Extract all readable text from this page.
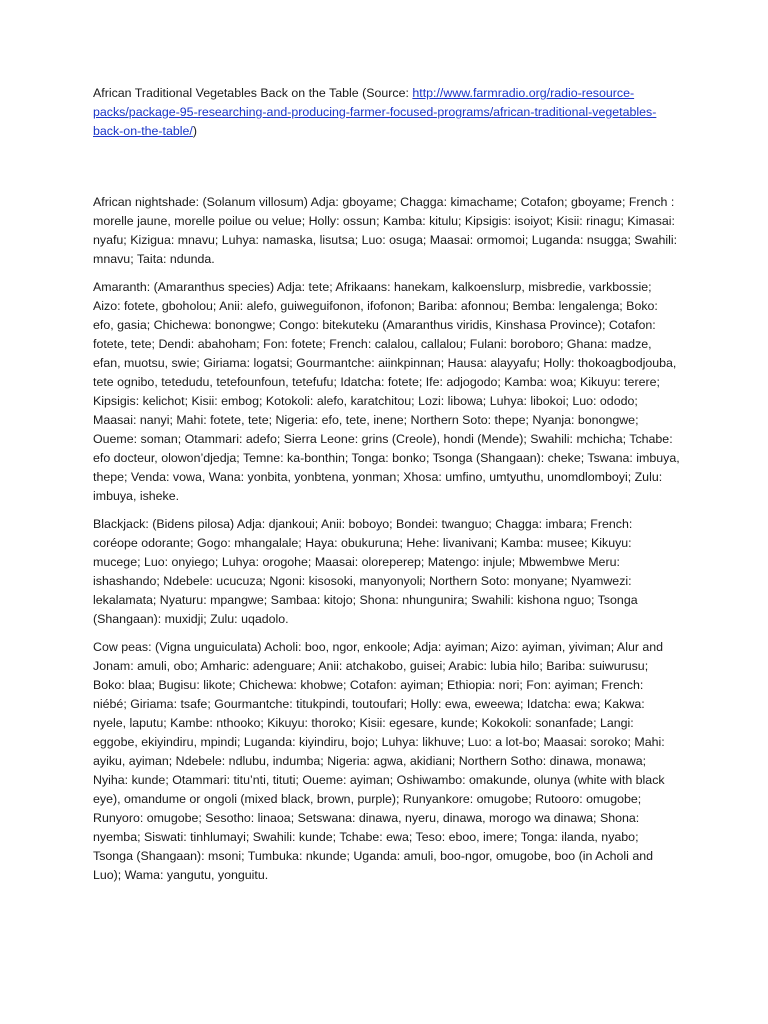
African Traditional Vegetables Back on the Table (Source: http://www.farmradio.org/radio-resource-packs/package-95-researching-and-producing-farmer-focused-programs/african-traditional-vegetables-back-on-the-table/)

African nightshade: (Solanum villosum) Adja: gboyame; Chagga: kimachame; Cotafon; gboyame; French : morelle jaune, morelle poilue ou velue; Holly: ossun; Kamba: kitulu; Kipsigis: isoiyot; Kisii: rinagu; Kimasai: nyafu; Kizigua: mnavu; Luhya: namaska, lisutsa; Luo: osuga; Maasai: ormomoi; Luganda: nsugga; Swahili: mnavu; Taita: ndunda.

Amaranth: (Amaranthus species) Adja: tete; Afrikaans: hanekam, kalkoenslurp, misbredie, varkbossie; Aizo: fotete, gboholou; Anii: alefo, guiweguifonon, ifofonon; Bariba: afonnou; Bemba: lengalenga; Boko: efo, gasia; Chichewa: bonongwe; Congo: bitekuteku (Amaranthus viridis, Kinshasa Province); Cotafon: fotete, tete; Dendi: abahoham; Fon: fotete; French: calalou, callalou; Fulani: boroboro; Ghana: madze, efan, muotsu, swie; Giriama: logatsi; Gourmantche: aiinkpinnan; Hausa: alayyafu; Holly: thokoagbodjouba, tete ognibo, tetedudu, tetefounfoun, tetefufu; Idatcha: fotete; Ife: adjogodo; Kamba: woa; Kikuyu: terere; Kipsigis: kelichot; Kisii: embog; Kotokoli: alefo, karatchitou; Lozi: libowa; Luhya: libokoi; Luo: ododo; Maasai: nanyi; Mahi: fotete, tete; Nigeria: efo, tete, inene; Northern Soto: thepe; Nyanja: bonongwe; Oueme: soman; Otammari: adefo; Sierra Leone: grins (Creole), hondi (Mende); Swahili: mchicha; Tchabe: efo docteur, olowon’djedja; Temne: ka-bonthin; Tonga: bonko; Tsonga (Shangaan): cheke; Tswana: imbuya, thepe; Venda: vowa, Wana: yonbita, yonbtena, yonman; Xhosa: umfino, umtyuthu, unomdlomboyi; Zulu: imbuya, isheke.

Blackjack: (Bidens pilosa) Adja: djankoui; Anii: boboyo; Bondei: twanguo; Chagga: imbara; French: coréope odorante; Gogo: mhangalale; Haya: obukuruna; Hehe: livanivani; Kamba: musee; Kikuyu: mucege; Luo: onyiego; Luhya: orogohe; Maasai: oloreperep; Matengo: injule; Mbwembwe Meru: ishashando; Ndebele: ucucuza; Ngoni: kisosoki, manyonyoli; Northern Soto: monyane; Nyamwezi: lekalamata; Nyaturu: mpangwe; Sambaa: kitojo; Shona: nhungunira; Swahili: kishona nguo; Tsonga (Shangaan): muxidji; Zulu: uqadolo.

Cow peas: (Vigna unguiculata) Acholi: boo, ngor, enkoole; Adja: ayiman; Aizo: ayiman, yiviman; Alur and Jonam: amuli, obo; Amharic: adenguare; Anii: atchakobo, guisei; Arabic: lubia hilo; Bariba: suiwurusu; Boko: blaa; Bugisu: likote; Chichewa: khobwe; Cotafon: ayiman; Ethiopia: nori; Fon: ayiman; French: niébé; Giriama: tsafe; Gourmantche: titukpindi, toutoufari; Holly: ewa, eweewa; Idatcha: ewa; Kakwa: nyele, laputu; Kambe: nthooko; Kikuyu: thoroko; Kisii: egesare, kunde; Kokokoli: sonanfade; Langi: eggobe, ekiyindiru, mpindi; Luganda: kiyindiru, bojo; Luhya: likhuve; Luo: a lot-bo; Maasai: soroko; Mahi: ayiku, ayiman; Ndebele: ndlubu, indumba; Nigeria: agwa, akidiani; Northern Sotho: dinawa, monawa; Nyiha: kunde; Otammari: titu’nti, tituti; Oueme: ayiman; Oshiwambo: omakunde, olunya (white with black eye), omandume or ongoli (mixed black, brown, purple); Runyankore: omugobe; Rutooro: omugobe; Runyoro: omugobe; Sesotho: linaoa; Setswana: dinawa, nyeru, dinawa, morogo wa dinawa; Shona: nyemba; Siswati: tinhlumayi; Swahili: kunde; Tchabe: ewa; Teso: eboo, imere; Tonga: ilanda, nyabo; Tsonga (Shangaan): msoni; Tumbuka: nkunde; Uganda: amuli, boo-ngor, omugobe, boo (in Acholi and Luo); Wama: yangutu, yonguitu.
